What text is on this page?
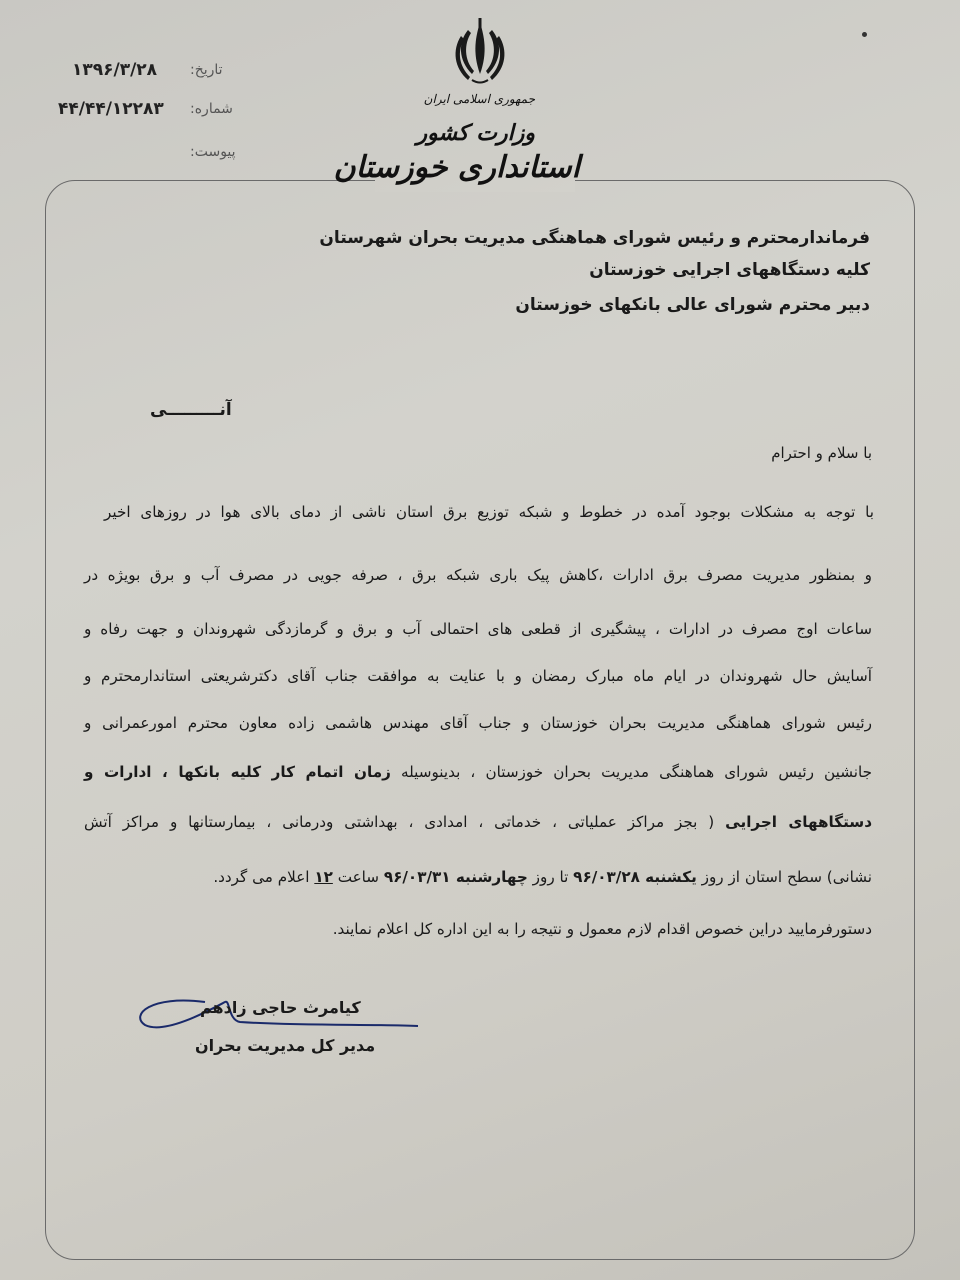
جمهوری اسلامی ایران
وزارت کشور
استانداری خوزستان
تاریخ:
۱۳۹۶/۳/۲۸
شماره:
۴۴/۴۴/۱۲۲۸۳
پیوست:
فرماندارمحترم و رئیس شورای هماهنگی مدیریت بحران شهرستان
کلیه دستگاههای اجرایی خوزستان
دبیر محترم شورای عالی بانکهای خوزستان
آنـــــــــی
با سلام و احترام
با توجه به مشکلات بوجود آمده در خطوط و شبکه توزیع برق استان ناشی از دمای بالای هوا در روزهای اخیر
و بمنظور مدیریت مصرف برق ادارات ،کاهش پیک باری شبکه برق ، صرفه جویی در مصرف آب و برق بویژه در
ساعات اوج مصرف در ادارات ، پیشگیری از قطعی های احتمالی آب و برق و گرمازدگی شهروندان و جهت رفاه و
آسایش حال شهروندان در ایام ماه مبارک رمضان و با عنایت به موافقت جناب آقای دکترشریعتی استاندارمحترم و
رئیس شورای هماهنگی مدیریت بحران خوزستان و جناب آقای مهندس هاشمی زاده معاون محترم امورعمرانی و
جانشین رئیس شورای هماهنگی مدیریت بحران خوزستان ، بدینوسیله زمان اتمام کار کلیه بانکها ، ادارات و
دستگاههای اجرایی ( بجز مراکز عملیاتی ، خدماتی ، امدادی ، بهداشتی ودرمانی ، بیمارستانها و مراکز آتش
نشانی) سطح استان از روز یکشنبه ۹۶/۰۳/۲۸ تا روز چهارشنبه ۹۶/۰۳/۳۱ ساعت ۱۲ اعلام می گردد.
دستورفرمایید دراین خصوص اقدام لازم معمول و نتیجه را به این اداره کل اعلام نمایند.
کیامرث حاجی زادهم
مدیر کل مدیریت بحران
